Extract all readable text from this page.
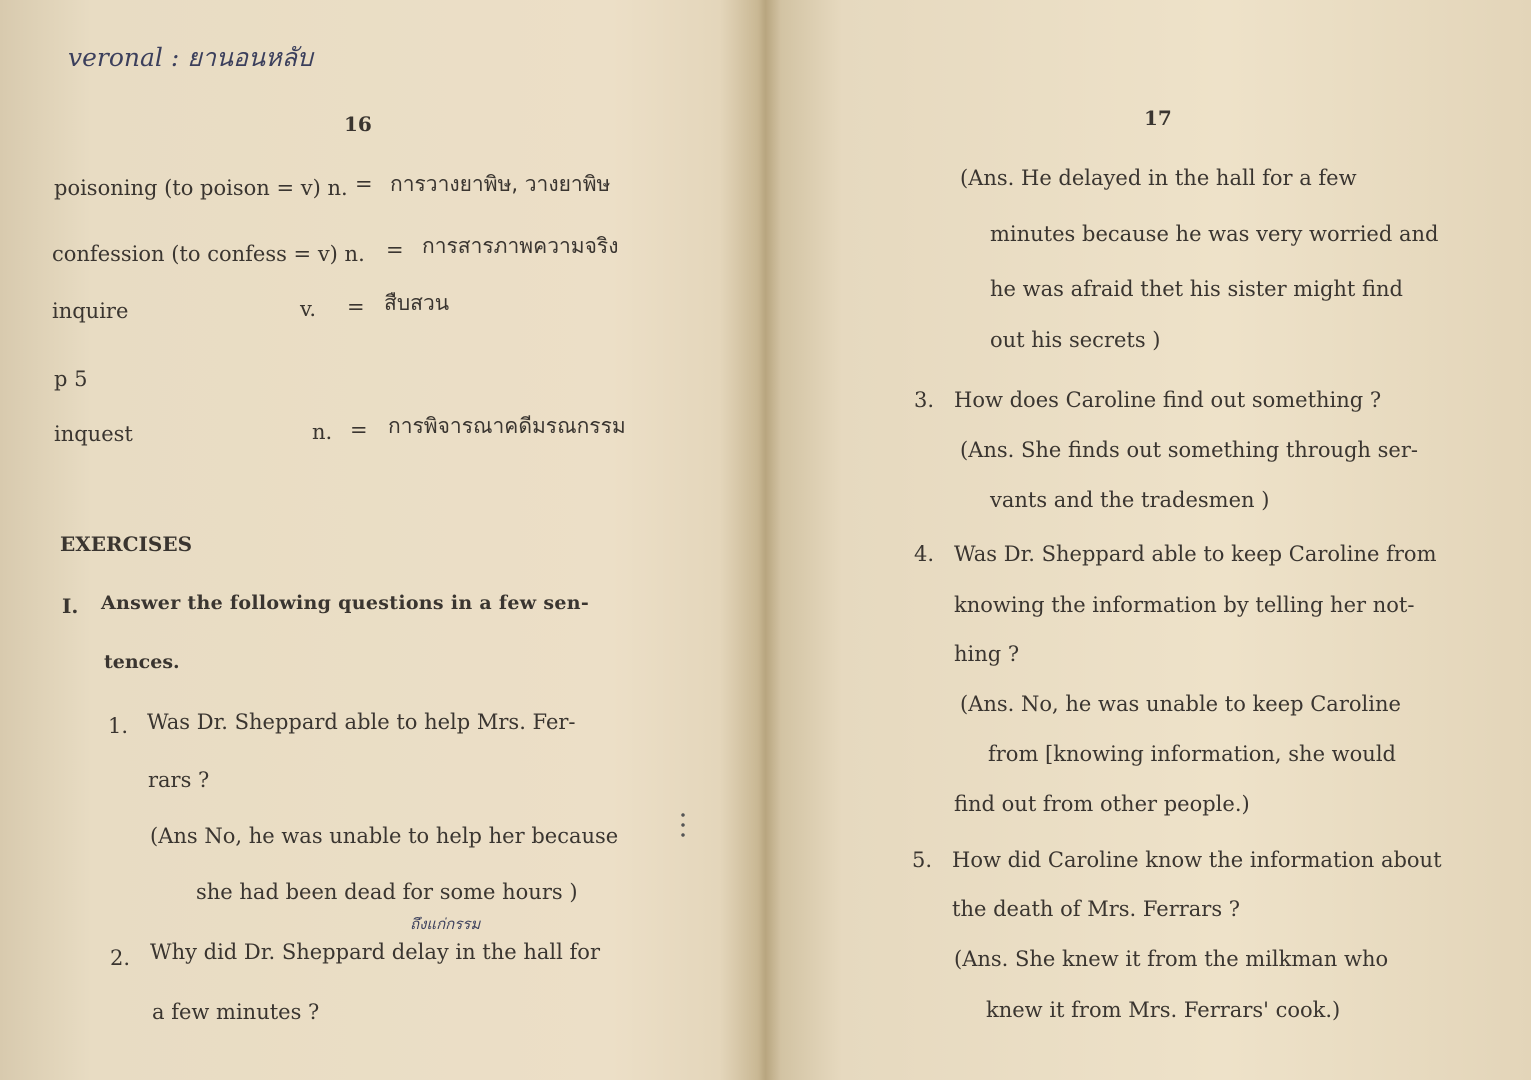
veronal : ยานอนหลับ
16
poisoning (to poison = v) n. = การวางยาพิษ, วางยาพิษ
confession (to confess = v) n. = การสารภาพความจริง
inquire	v. = สืบสวน
p 5
inquest	n. = การพิจารณาคดีมรณกรรม
EXERCISES
I. Answer the following questions in a few sen-
tences.
1. Was Dr. Sheppard able to help Mrs. Fer-
rars ?
(Ans No, he was unable to help her because
she had been dead for some hours )
ถึงแก่กรรม
2. Why did Dr. Sheppard delay in the hall for
a few minutes ?
17
(Ans. He delayed in the hall for a few
minutes because he was very worried and
he was afraid thet his sister might find
out his secrets )
3. How does Caroline find out something ?
(Ans. She finds out something through ser-
vants and the tradesmen )
4. Was Dr. Sheppard able to keep Caroline from
knowing the information by telling her not-
hing ?
(Ans. No, he was unable to keep Caroline
from [knowing information, she would
find out from other people.)
5. How did Caroline know the information about
the death of Mrs. Ferrars ?
(Ans. She knew it from the milkman who
knew it from Mrs. Ferrars' cook.)
